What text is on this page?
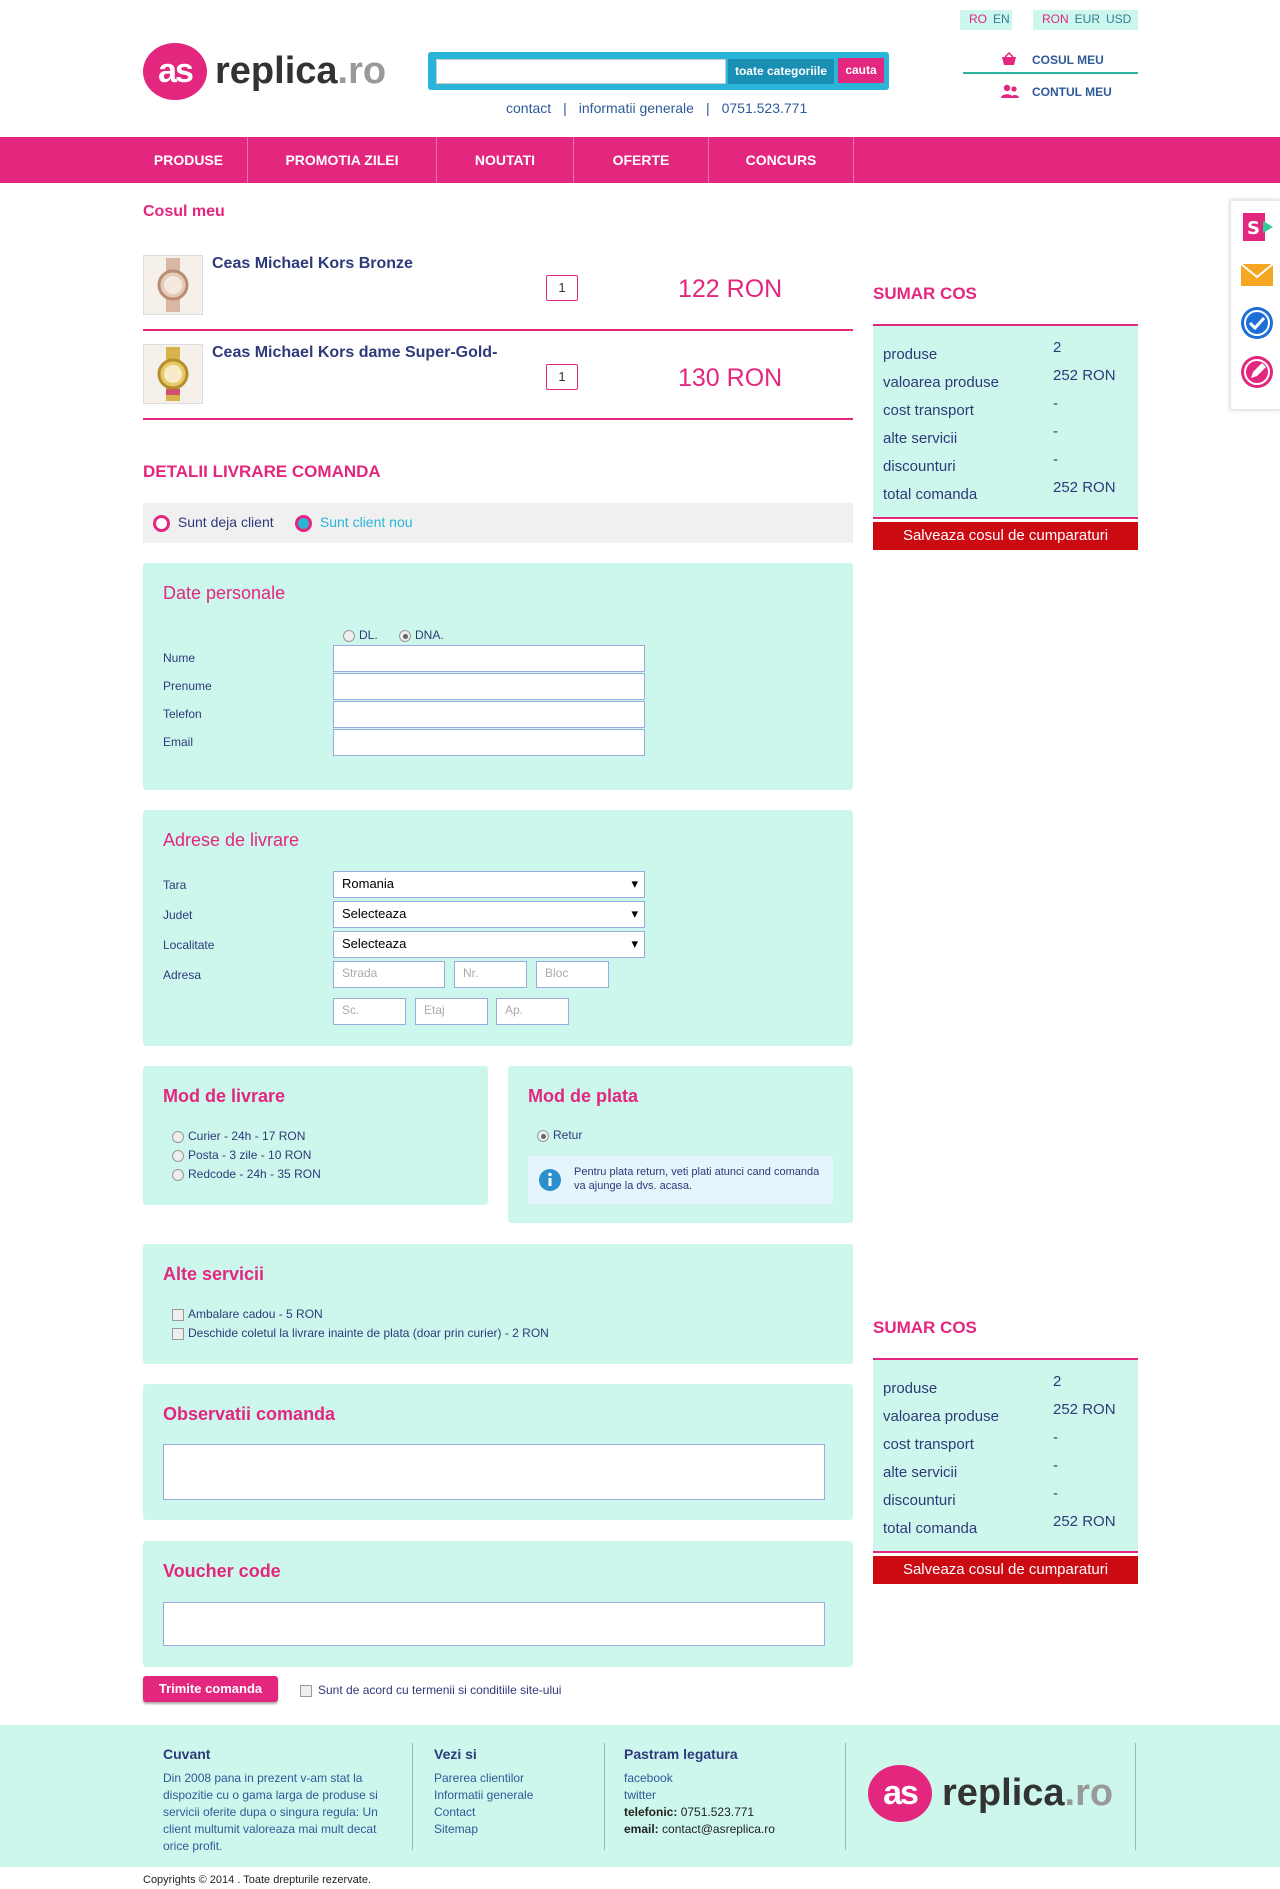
RO EN	RON EUR USD
as replica .ro	toate categoriile	cauta
contact | informatii generale | 0751.523.771
COSUL MEU
CONTUL MEU
PRODUSE	PROMOTIA ZILEI	NOUTATI	OFERTE	CONCURS
S
Cosul meu
Ceas Michael Kors Bronze
1	122 RON
Ceas Michael Kors dame Super-Gold-
1	130 RON
DETALII LIVRARE COMANDA
Sunt deja client	Sunt client nou
Date personale
DL.	DNA.
Nume
Prenume
Telefon
Email
Adrese de livrare
Tara	Romania ▾
Judet	Selecteaza ▾
Localitate	Selecteaza ▾
Adresa	Strada	Nr.	Bloc
Sc.	Etaj	Ap.
Mod de livrare
Curier - 24h - 17 RON
Posta - 3 zile - 10 RON
Redcode - 24h - 35 RON
Mod de plata
Retur
Pentru plata return, veti plati atunci cand comanda va ajunge la dvs. acasa.
Alte servicii
Ambalare cadou - 5 RON
Deschide coletul la livrare inainte de plata (doar prin curier) - 2 RON
Observatii comanda
Voucher code
Trimite comanda	Sunt de acord cu termenii si conditiile site-ului
SUMAR COS
produse	2
valoarea produse	252 RON
cost transport	-
alte servicii	-
discounturi	-
total comanda	252 RON
Salveaza cosul de cumparaturi
SUMAR COS
produse	2
valoarea produse	252 RON
cost transport	-
alte servicii	-
discounturi	-
total comanda	252 RON
Salveaza cosul de cumparaturi
Cuvant
Din 2008 pana in prezent v-am stat la dispozitie cu o gama larga de produse si servicii oferite dupa o singura regula: Un client multumit valoreaza mai mult decat orice profit.
Vezi si
Parerea clientilor
Informatii generale
Contact
Sitemap
Pastram legatura
facebook
twitter
telefonic: 0751.523.771
email: contact@asreplica.ro
as replica .ro
Copyrights © 2014 . Toate drepturile rezervate.
